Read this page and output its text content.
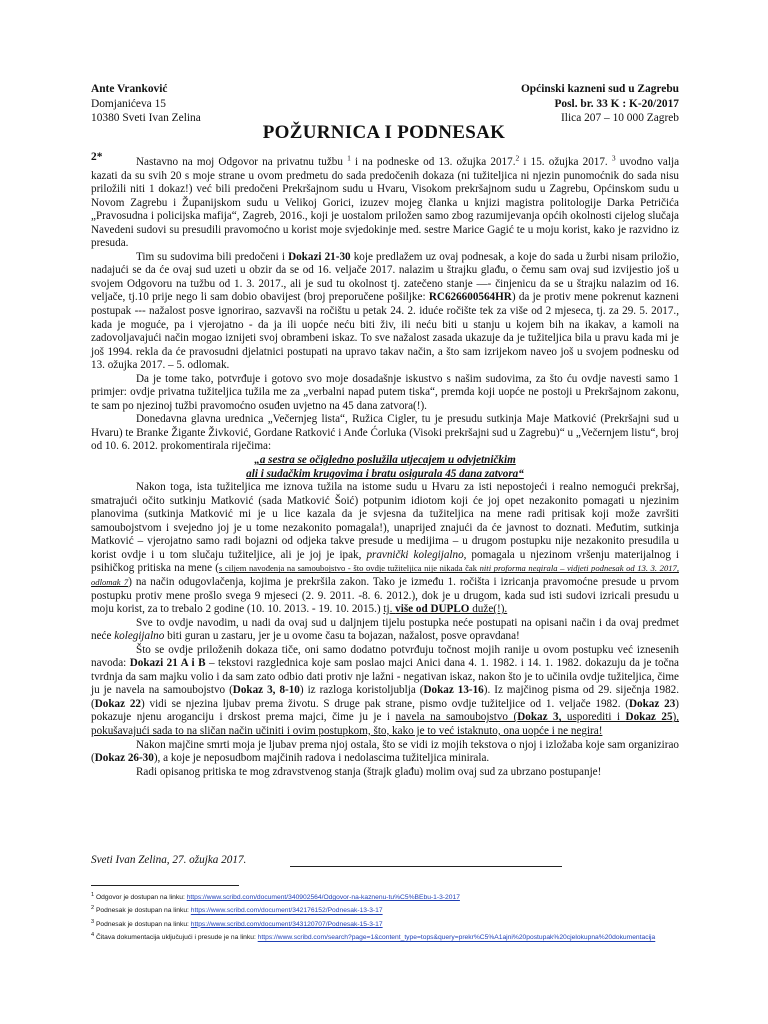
Ante Vranković
Domjanićeva 15
10380 Sveti Ivan Zelina
Općinski kazneni sud u Zagrebu
Posl. br. 33 K : K-20/2017
Ilica 207 – 10 000 Zagreb
POŽURNICA I PODNESAK
2*	Nastavno na moj Odgovor na privatnu tužbu $^1$ i na podneske od 13. ožujka 2017.$^2$ i 15. ožujka 2017. $^3$ uvodno valja kazati da su svih 20 s moje strane u ovom predmetu do sada predočenih dokaza (ni tužiteljica ni njezin punomoćnik do sada nisu priložili niti 1 dokaz!) već bili predočeni Prekršajnom sudu u Hvaru, Visokom prekršajnom sudu u Zagrebu, Općinskom sudu u Novom Zagrebu i Županijskom sudu u Velikoj Gorici, izuzev mojeg članka u knjizi magistra politologije Darka Petričića „Pravosudna i policijska mafija“, Zagreb, 2016., koji je uostalom priložen samo zbog razumijevanja općih okolnosti cijelog slučaja Navedeni sudovi su presudili pravomoćno u korist moje svjedokinje med. sestre Marice Gagić te u moju korist, kako je razvidno iz presuda.

Tim su sudovima bili predočeni i Dokazi 21-30 koje predlažem uz ovaj podnesak, a koje do sada u žurbi nisam priložio, nadajući se da će ovaj sud uzeti u obzir da se od 16. veljače 2017. nalazim u štrajku glađu, o čemu sam ovaj sud izvijestio još u svojem Odgovoru na tužbu od 1. 3. 2017., ali je sud tu okolnost tj. zatečeno stanje —- činjenicu da se u štrajku nalazim od 16. veljače, tj.10 prije nego li sam dobio obavijest (broj preporučene pošiljke: RC626600564HR) da je protiv mene pokrenut kazneni postupak --- nažalost posve ignorirao, sazvavši na ročištu u petak 24. 2. iduće ročište tek za više od 2 mjeseca, tj. za 29. 5. 2017., kada je moguće, pa i vjerojatno - da ja ili uopće neću biti živ, ili neću biti u stanju u kojem bih na ikakav, a kamoli na zadovoljavajući način mogao iznijeti svoj obrambeni iskaz. To sve nažalost zasada ukazuje da je tužiteljica bila u pravu kada mi je još 1994. rekla da će pravosudni djelatnici postupati na upravo takav način, a što sam izrijekom naveo još u svojem podnesku od 13. ožujka 2017. – 5. odlomak.

Da je tome tako, potvrđuje i gotovo svo moje dosadašnje iskustvo s našim sudovima, za što ću ovdje navesti samo 1 primjer: ovdje privatna tužiteljica tužila me za „verbalni napad putem tiska“, premda koji uopće ne postoji u Prekršajnom zakonu, te sam po njezinoj tužbi pravomoćno osuđen uvjetno na 45 dana zatvora(!).

Donedavna glavna urednica „Večernjeg lista“, Ružica Cigler, tu je presudu sutkinja Maje Matković (Prekršajni sud u Hvaru) te Branke Žigante Živković, Gordane Ratković i Anđe Ćorluka (Visoki prekršajni sud u Zagrebu)“ u „Večernjem listu“, broj od 10. 6. 2012. prokomentirala riječima:

„a sestra se očigledno poslužila utjecajem u odvjetničkim
ali i sudačkim krugovima i bratu osigurala 45 dana zatvora“

Nakon toga, ista tužiteljica me iznova tužila na istome sudu u Hvaru za isti nepostojeći i realno nemogući prekršaj, smatrajući očito sutkinju Matković (sada Matković Šoić) potpunim idiotom koji će joj opet nezakonito pomagati u njezinim planovima (sutkinja Matković mi je u lice kazala da je svjesna da tužiteljica na mene radi pritisak koji može završiti samoubojstvom i svejedno joj je u tome nezakonito pomagala!), unaprijed znajući da će javnost to doznati. Međutim, sutkinja Matković – vjerojatno samo radi bojazni od odjeka takve presude u medijima – u drugom postupku nije nezakonito presudila u korist ovdje i u tom slučaju tužiteljice, ali je joj je ipak, pravnički kolegijalno, pomagala u njezinom vršenju materijalnog i psihičkog pritiska na mene (s ciljem navođenja na samoubojstvo - što ovdje tužiteljica nije nikada čak niti proforma negirala – vidjeti podnesak od 13. 3. 2017, odlomak 7) na način odugovlačenja, kojima je prekršila zakon. Tako je između 1. ročišta i izricanja pravomoćne presude u prvom postupku protiv mene prošlo svega 9 mjeseci (2. 9. 2011. -8. 6. 2012.), dok je u drugom, kada sud isti sudovi izricali presudu u moju korist, za to trebalo 2 godine (10. 10. 2013. - 19. 10. 2015.) tj. više od DUPLO duže(!).

Sve to ovdje navodim, u nadi da ovaj sud u daljnjem tijelu postupka neće postupati na opisani način i da ovaj predmet neće kolegijalno biti guran u zastaru, jer je u ovome času ta bojazan, nažalost, posve opravdana!

Što se ovdje priloženih dokaza tiče, oni samo dodatno potvrđuju točnost mojih ranije u ovom postupku već iznesenih navoda: Dokazi 21 A i B – tekstovi razglednica koje sam poslao majci Anici dana 4. 1. 1982. i 14. 1. 1982. dokazuju da je točna tvrdnja da sam majku volio i da sam zato odbio dati protiv nje lažni - negativan iskaz, nakon što je to učinila ovdje tužiteljica, čime ju je navela na samoubojstvo (Dokaz 3, 8-10) iz razloga koristoljublja (Dokaz 13-16). Iz majčinog pisma od 29. siječnja 1982. (Dokaz 22) vidi se njezina ljubav prema životu. S druge pak strane, pismo ovdje tužiteljice od 1. veljače 1982. (Dokaz 23) pokazuje njenu aroganciju i drskost prema majci, čime ju je i navela na samoubojstvo (Dokaz 3, usporediti i Dokaz 25), pokušavajući sada to na sličan način učiniti i ovim postupkom, što, kako je to već istaknuto, ona uopće i ne negira!

Nakon majčine smrti moja je ljubav prema njoj ostala, što se vidi iz mojih tekstova o njoj i izložaba koje sam organizirao (Dokaz 26-30), a koje je neposudbom majčinih radova i nedolascima tužiteljica minirala.

Radi opisanog pritiska te mog zdravstvenog stanja (štrajk glađu) molim ovaj sud za ubrzano postupanje!

Sveti Ivan Zelina, 27. ožujka 2017.
$^1$ Odgovor je dostupan na linku: https://www.scribd.com/document/340902564/Odgovor-na-kaznenu-tu%C5%BEbu-1-3-2017
$^2$ Podnesak je dostupan na linku: https://www.scribd.com/document/342176152/Podnesak-13-3-17
$^3$ Podnesak je dostupan na linku: https://www.scribd.com/document/343120707/Podnesak-15-3-17
$^4$ Čitava dokumentacija uključujući i presude je na linku: https://www.scribd.com/search?page=1&content_type=tops&query=prekr%C5%A1ajni%20postupak%20cjelokupna%20dokumentacija
